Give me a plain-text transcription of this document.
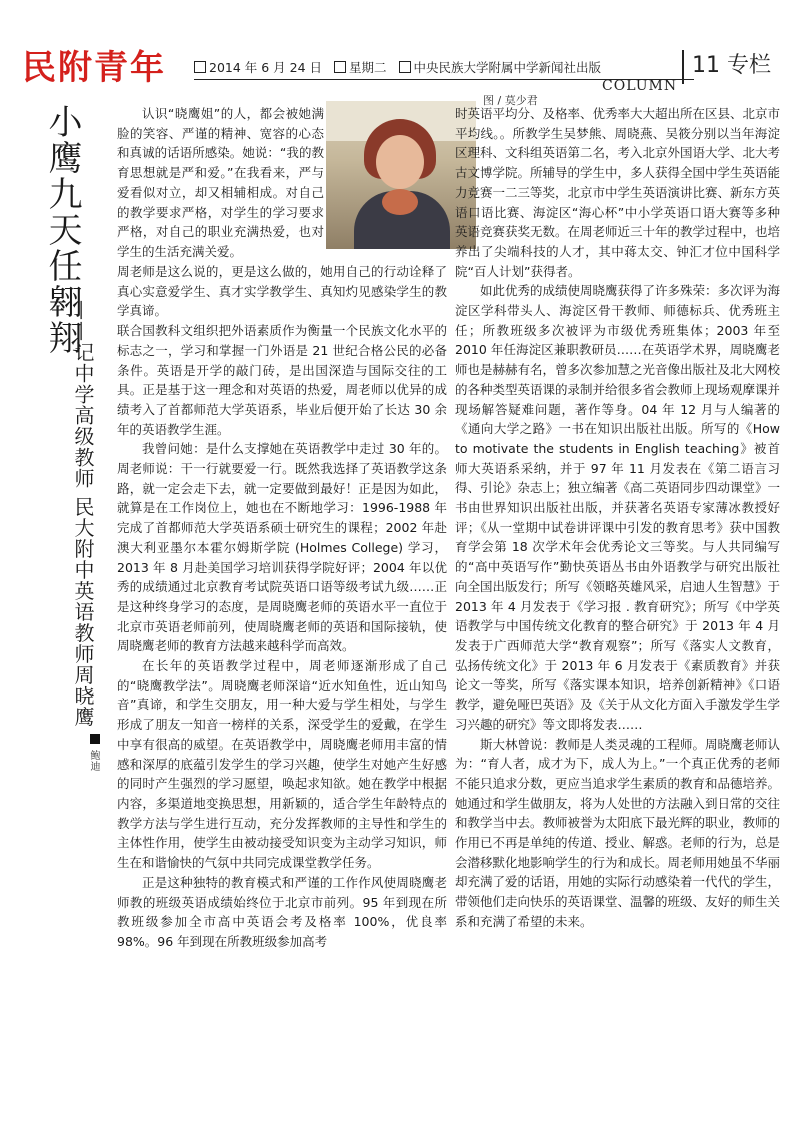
民附青年	2014 年 6 月 24 日 星期二 中央民族大学附属中学新闻社出版
COLUMN
11 专栏
图 / 莫少君
小鹰九天任翱翔
——记中学高级教师 民大附中英语教师周晓鹰
鲍迪

认识“晓鹰姐”的人，都会被她满脸的笑容、严谨的精神、宽容的心态和真诚的话语所感染。她说：“我的教育思想就是严和爱。”在我看来，严与爱看似对立，却又相辅相成。对自己的教学要求严格，对学生的学习要求严格，对自己的职业充满热爱，也对学生的生活充满关爱。

周老师是这么说的，更是这么做的，她用自己的行动诠释了真心实意爱学生、真才实学教学生、真知灼见感染学生的教学真谛。

联合国教科文组织把外语素质作为衡量一个民族文化水平的标志之一，学习和掌握一门外语是 21 世纪合格公民的必备条件。英语是开学的敲门砖，是出国深造与国际交往的工具。正是基于这一理念和对英语的热爱，周老师以优异的成绩考入了首都师范大学英语系，毕业后便开始了长达 30 余年的英语教学生涯。

我曾问她：是什么支撑她在英语教学中走过 30 年的。周老师说：干一行就要爱一行。既然我选择了英语教学这条路，就一定会走下去，就一定要做到最好！正是因为如此，就算是在工作岗位上，她也在不断地学习：1996-1988 年完成了首都师范大学英语系硕士研究生的课程；2002 年赴澳大利亚墨尔本霍尔姆斯学院 (Holmes College) 学习，2013 年 8 月赴美国学习培训获得学院好评；2004 年以优秀的成绩通过北京教育考试院英语口语等级考试九级……正是这种终身学习的态度，是周晓鹰老师的英语水平一直位于北京市英语老师前列，使周晓鹰老师的英语和国际接轨，使周晓鹰老师的教育方法越来越科学而高效。

在长年的英语教学过程中，周老师逐渐形成了自己的“晓鹰教学法”。周晓鹰老师深谙“近水知鱼性，近山知鸟音”真谛，和学生交朋友，用一种大爱与学生相处，与学生形成了朋友一知音一榜样的关系，深受学生的爱戴，在学生中享有很高的威望。在英语教学中，周晓鹰老师用丰富的情感和深厚的底蕴引发学生的学习兴趣，使学生对她产生好感的同时产生强烈的学习愿望，唤起求知欲。她在教学中根据内容，多渠道地变换思想，用新颖的，适合学生年龄特点的教学方法与学生进行互动，充分发挥教师的主导性和学生的主体性作用，使学生由被动接受知识变为主动学习知识，师生在和谐愉快的气氛中共同完成课堂教学任务。

正是这种独特的教育模式和严谨的工作作风使周晓鹰老师教的班级英语成绩始终位于北京市前列。95 年到现在所教班级参加全市高中英语会考及格率 100%，优良率 98%。96 年到现在所教班级参加高考

时英语平均分、及格率、优秀率大大超出所在区县、北京市平均线。。所教学生吴梦熊、周晓燕、吴筱分别以当年海淀区理科、文科组英语第二名，考入北京外国语大学、北大考古文博学院。所辅导的学生中，多人获得全国中学生英语能力竞赛一二三等奖，北京市中学生英语演讲比赛、新东方英语口语比赛、海淀区“海心杯”中小学英语口语大赛等多种英语竞赛获奖无数。在周老师近三十年的教学过程中，也培养出了尖端科技的人才，其中蒋太交、钟汇才位中国科学院“百人计划”获得者。

如此优秀的成绩使周晓鹰获得了许多殊荣：多次评为海淀区学科带头人、海淀区骨干教师、师德标兵、优秀班主任；所教班级多次被评为市级优秀班集体；2003 年至 2010 年任海淀区兼职教研员……在英语学术界，周晓鹰老师也是赫赫有名，曾多次参加慧之光音像出版社及北大网校的各种类型英语课的录制并给很多省会教师上现场观摩课并现场解答疑难问题，著作等身。04 年 12 月与人编著的《通向大学之路》一书在知识出版社出版。所写的《How to motivate the students in English teaching》被首师大英语系采纳，并于 97 年 11 月发表在《第二语言习得、引论》杂志上；独立编著《高二英语同步四动课堂》一书由世界知识出版社出版，并获著名英语专家薄冰教授好评；《从一堂期中试卷讲评课中引发的教育思考》获中国教育学会第 18 次学术年会优秀论文三等奖。与人共同编写的“高中英语写作”勤快英语丛书由外语教学与研究出版社向全国出版发行；所写《领略英雄风采，启迪人生智慧》于 2013 年 4 月发表于《学习报 . 教育研究》；所写《中学英语教学与中国传统文化教育的整合研究》于 2013 年 4 月发表于广西师范大学“教育观察”；所写《落实人文教育，弘扬传统文化》于 2013 年 6 月发表于《素质教育》并获论文一等奖，所写《落实课本知识，培养创新精神》《口语教学，避免哑巴英语》及《关于从文化方面入手激发学生学习兴趣的研究》等文即将发表……

斯大林曾说：教师是人类灵魂的工程师。周晓鹰老师认为：“育人者，成才为下，成人为上。”一个真正优秀的老师不能只追求分数，更应当追求学生素质的教育和品德培养。她通过和学生做朋友，将为人处世的方法融入到日常的交往和教学当中去。教师被誉为太阳底下最光辉的职业，教师的作用已不再是单纯的传道、授业、解惑。老师的行为，总是会潜移默化地影响学生的行为和成长。周老师用她虽不华丽却充满了爱的话语，用她的实际行动感染着一代代的学生，带领他们走向快乐的英语课堂、温馨的班级、友好的师生关系和充满了希望的未来。
